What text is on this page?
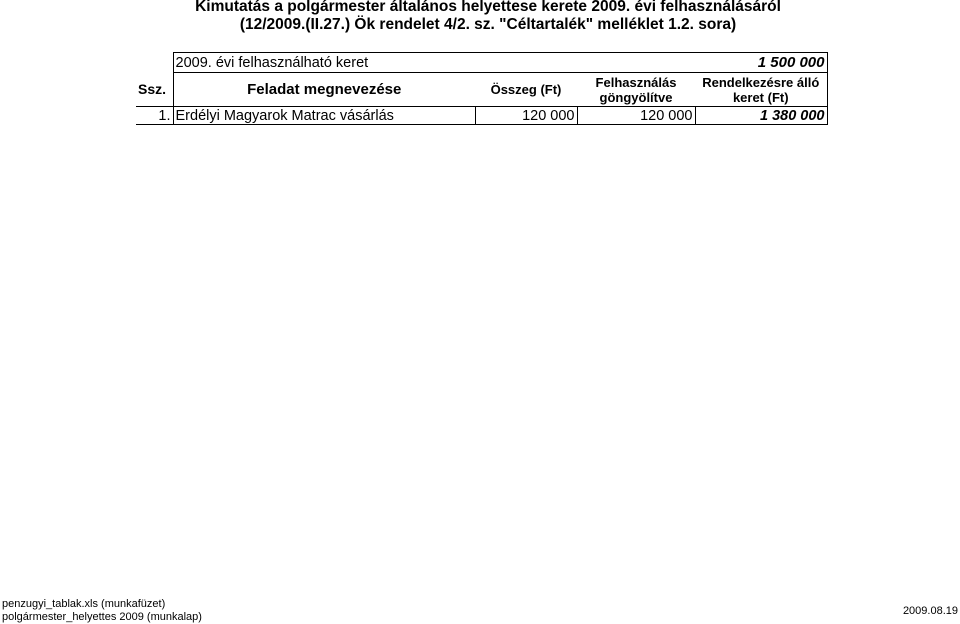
Kimutatás a polgármester általános helyettese kerete 2009. évi felhasználásáról
(12/2009.(II.27.) Ök rendelet 4/2. sz. "Céltartalék" melléklet 1.2. sora)
	2009. évi felhasználható keret			1 500 000
Ssz.	Feladat megnevezése	Összeg (Ft)	Felhasználás göngyölítve	Rendelkezésre álló keret (Ft)
1.	Erdélyi Magyarok Matrac vásárlás	120 000	120 000	1 380 000
penzugyi_tablak.xls (munkafüzet)
polgármester_helyettes 2009 (munkalap)	2009.08.19
